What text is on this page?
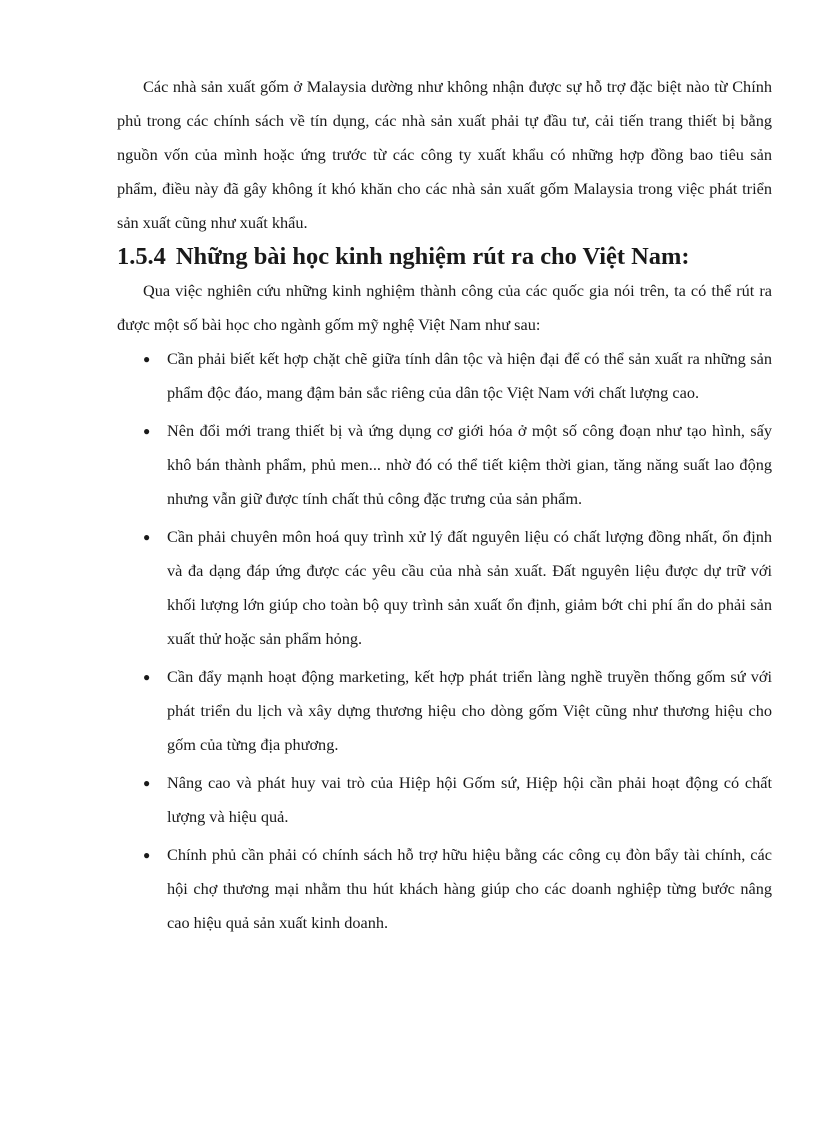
Các nhà sản xuất gốm ở Malaysia dường như không nhận được sự hỗ trợ đặc biệt nào từ Chính phủ trong các chính sách về tín dụng, các nhà sản xuất phải tự đầu tư, cải tiến trang thiết bị bằng nguồn vốn của mình hoặc ứng trước từ các công ty xuất khẩu có những hợp đồng bao tiêu sản phẩm, điều này đã gây không ít khó khăn cho các nhà sản xuất gốm Malaysia trong việc phát triển sản xuất cũng như xuất khẩu.

1.5.4 Những bài học kinh nghiệm rút ra cho Việt Nam:

Qua việc nghiên cứu những kinh nghiệm thành công của các quốc gia nói trên, ta có thể rút ra được một số bài học cho ngành gốm mỹ nghệ Việt Nam như sau:

● Cần phải biết kết hợp chặt chẽ giữa tính dân tộc và hiện đại để có thể sản xuất ra những sản phẩm độc đáo, mang đậm bản sắc riêng của dân tộc Việt Nam với chất lượng cao.
● Nên đổi mới trang thiết bị và ứng dụng cơ giới hóa ở một số công đoạn như tạo hình, sấy khô bán thành phẩm, phủ men... nhờ đó có thể tiết kiệm thời gian, tăng năng suất lao động nhưng vẫn giữ được tính chất thủ công đặc trưng của sản phẩm.
● Cần phải chuyên môn hoá quy trình xử lý đất nguyên liệu có chất lượng đồng nhất, ổn định và đa dạng đáp ứng được các yêu cầu của nhà sản xuất. Đất nguyên liệu được dự trữ với khối lượng lớn giúp cho toàn bộ quy trình sản xuất ổn định, giảm bớt chi phí ẩn do phải sản xuất thử hoặc sản phẩm hỏng.
● Cần đẩy mạnh hoạt động marketing, kết hợp phát triển làng nghề truyền thống gốm sứ với phát triển du lịch và xây dựng thương hiệu cho dòng gốm Việt cũng như thương hiệu cho gốm của từng địa phương.
● Nâng cao và phát huy vai trò của Hiệp hội Gốm sứ, Hiệp hội cần phải hoạt động có chất lượng và hiệu quả.
● Chính phủ cần phải có chính sách hỗ trợ hữu hiệu bằng các công cụ đòn bẩy tài chính, các hội chợ thương mại nhằm thu hút khách hàng giúp cho các doanh nghiệp từng bước nâng cao hiệu quả sản xuất kinh doanh.
